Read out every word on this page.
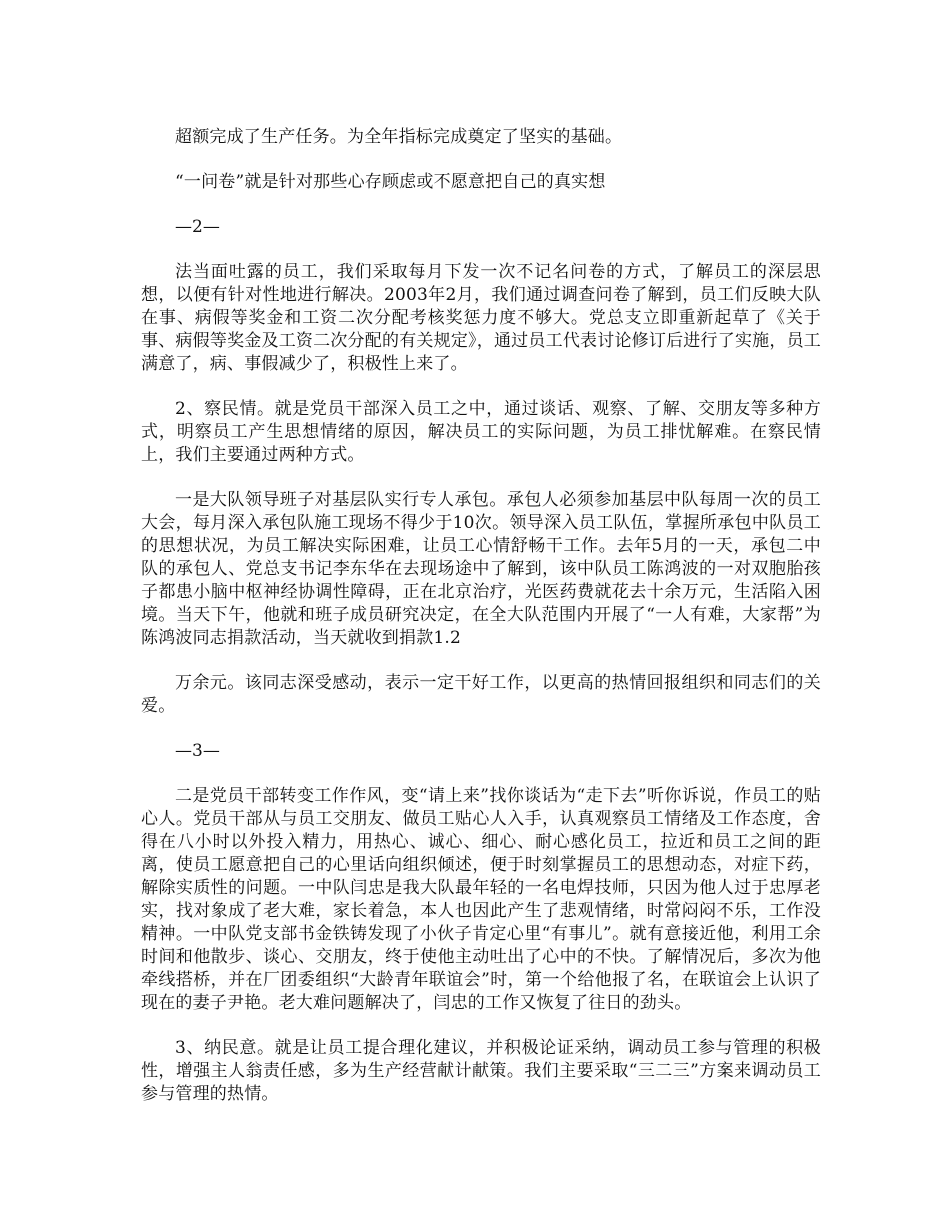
超额完成了生产任务。为全年指标完成奠定了坚实的基础。

“一问卷”就是针对那些心存顾虑或不愿意把自己的真实想

—2—

法当面吐露的员工，我们采取每月下发一次不记名问卷的方式，了解员工的深层思想，以便有针对性地进行解决。2003年2月，我们通过调查问卷了解到，员工们反映大队在事、病假等奖金和工资二次分配考核奖惩力度不够大。党总支立即重新起草了《关于事、病假等奖金及工资二次分配的有关规定》，通过员工代表讨论修订后进行了实施，员工满意了，病、事假减少了，积极性上来了。

2、察民情。就是党员干部深入员工之中，通过谈话、观察、了解、交朋友等多种方式，明察员工产生思想情绪的原因，解决员工的实际问题，为员工排忧解难。在察民情上，我们主要通过两种方式。

一是大队领导班子对基层队实行专人承包。承包人必须参加基层中队每周一次的员工大会，每月深入承包队施工现场不得少于10次。领导深入员工队伍，掌握所承包中队员工的思想状况，为员工解决实际困难，让员工心情舒畅干工作。去年5月的一天，承包二中队的承包人、党总支书记李东华在去现场途中了解到，该中队员工陈鸿波的一对双胞胎孩子都患小脑中枢神经协调性障碍，正在北京治疗，光医药费就花去十余万元，生活陷入困境。当天下午，他就和班子成员研究决定，在全大队范围内开展了“一人有难，大家帮”为陈鸿波同志捐款活动，当天就收到捐款1.2

万余元。该同志深受感动，表示一定干好工作，以更高的热情回报组织和同志们的关爱。

—3—

二是党员干部转变工作作风，变“请上来”找你谈话为“走下去”听你诉说，作员工的贴心人。党员干部从与员工交朋友、做员工贴心人入手，认真观察员工情绪及工作态度，舍得在八小时以外投入精力，用热心、诚心、细心、耐心感化员工，拉近和员工之间的距离，使员工愿意把自己的心里话向组织倾述，便于时刻掌握员工的思想动态，对症下药，解除实质性的问题。一中队闫忠是我大队最年轻的一名电焊技师，只因为他人过于忠厚老实，找对象成了老大难，家长着急，本人也因此产生了悲观情绪，时常闷闷不乐，工作没精神。一中队党支部书金铁铸发现了小伙子肯定心里“有事儿”。就有意接近他，利用工余时间和他散步、谈心、交朋友，终于使他主动吐出了心中的不快。了解情况后，多次为他牵线搭桥，并在厂团委组织“大龄青年联谊会”时，第一个给他报了名，在联谊会上认识了现在的妻子尹艳。老大难问题解决了，闫忠的工作又恢复了往日的劲头。

3、纳民意。就是让员工提合理化建议，并积极论证采纳，调动员工参与管理的积极性，增强主人翁责任感，多为生产经营献计献策。我们主要采取“三二三”方案来调动员工参与管理的热情。
